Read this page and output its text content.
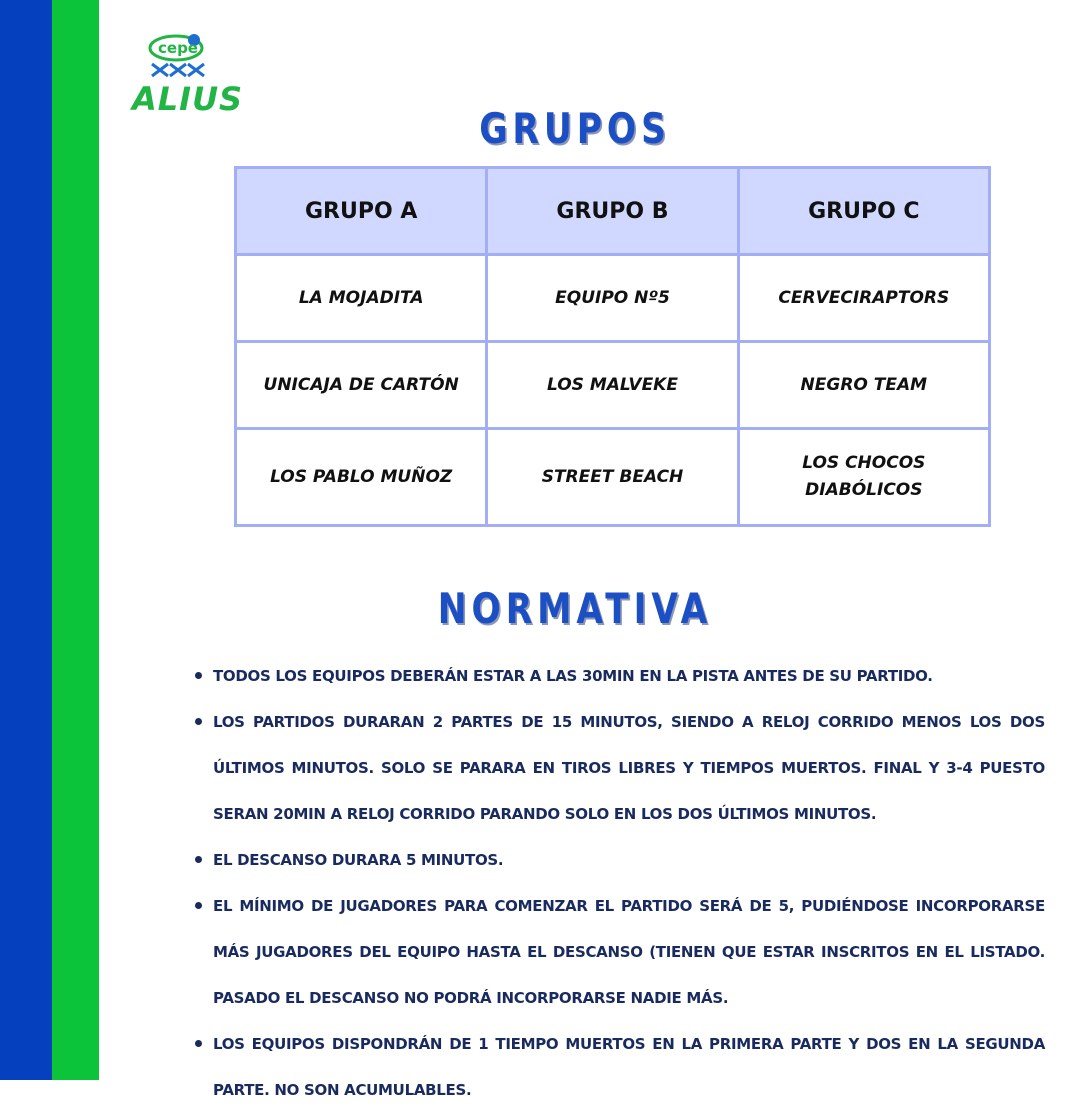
cepe
ALIUS
GRUPOS
GRUPO A	GRUPO B	GRUPO C
LA MOJADITA	EQUIPO Nº5	CERVECIRAPTORS
UNICAJA DE CARTÓN	LOS MALVEKE	NEGRO TEAM
LOS PABLO MUÑOZ	STREET BEACH	LOS CHOCOS DIABÓLICOS
NORMATIVA
TODOS LOS EQUIPOS DEBERÁN ESTAR A LAS 30MIN EN LA PISTA ANTES DE SU PARTIDO.
LOS PARTIDOS DURARAN 2 PARTES DE 15 MINUTOS, SIENDO A RELOJ CORRIDO MENOS LOS DOS ÚLTIMOS MINUTOS. SOLO SE PARARA EN TIROS LIBRES Y TIEMPOS MUERTOS. FINAL Y 3-4 PUESTO SERAN 20MIN A RELOJ CORRIDO PARANDO SOLO EN LOS DOS ÚLTIMOS MINUTOS.
EL DESCANSO DURARA 5 MINUTOS.
EL MÍNIMO DE JUGADORES PARA COMENZAR EL PARTIDO SERÁ DE 5, PUDIÉNDOSE INCORPORARSE MÁS JUGADORES DEL EQUIPO HASTA EL DESCANSO (TIENEN QUE ESTAR INSCRITOS EN EL LISTADO. PASADO EL DESCANSO NO PODRÁ INCORPORARSE NADIE MÁS.
LOS EQUIPOS DISPONDRÁN DE 1 TIEMPO MUERTOS EN LA PRIMERA PARTE Y DOS EN LA SEGUNDA PARTE. NO SON ACUMULABLES.
